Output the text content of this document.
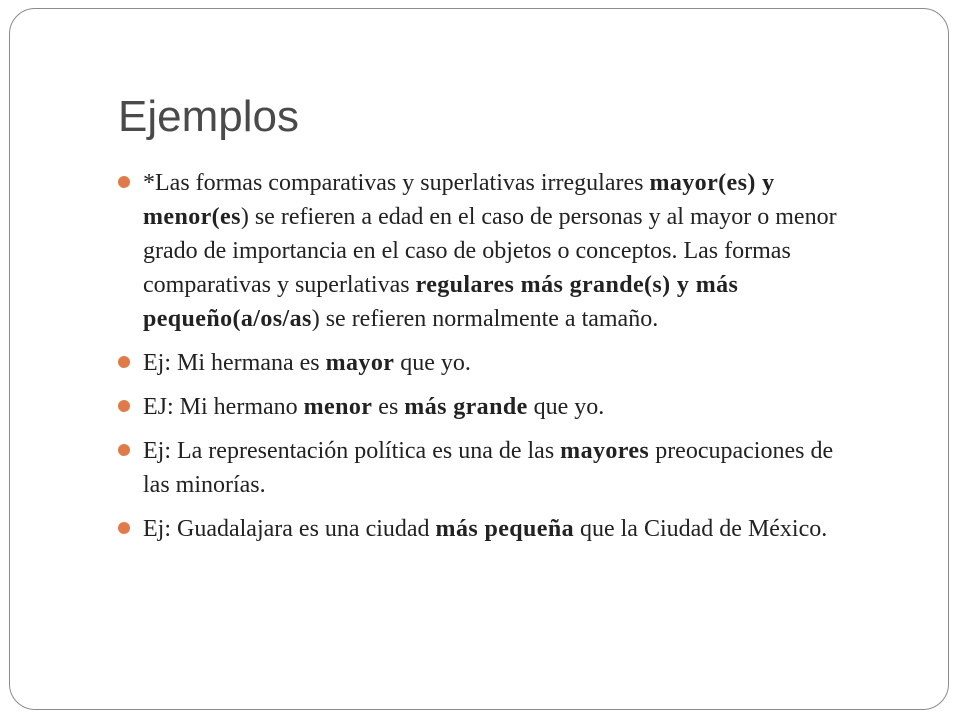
Ejemplos
*Las formas comparativas y superlativas irregulares mayor(es) y menor(es) se refieren a edad en el caso de personas y al mayor o menor grado de importancia en el caso de objetos o conceptos. Las formas comparativas y superlativas regulares más grande(s) y más pequeño(a/os/as) se refieren normalmente a tamaño.
Ej: Mi hermana es mayor que yo.
EJ: Mi hermano menor es más grande que yo.
Ej: La representación política es una de las mayores preocupaciones de las minorías.
Ej: Guadalajara es una ciudad más pequeña que la Ciudad de México.
